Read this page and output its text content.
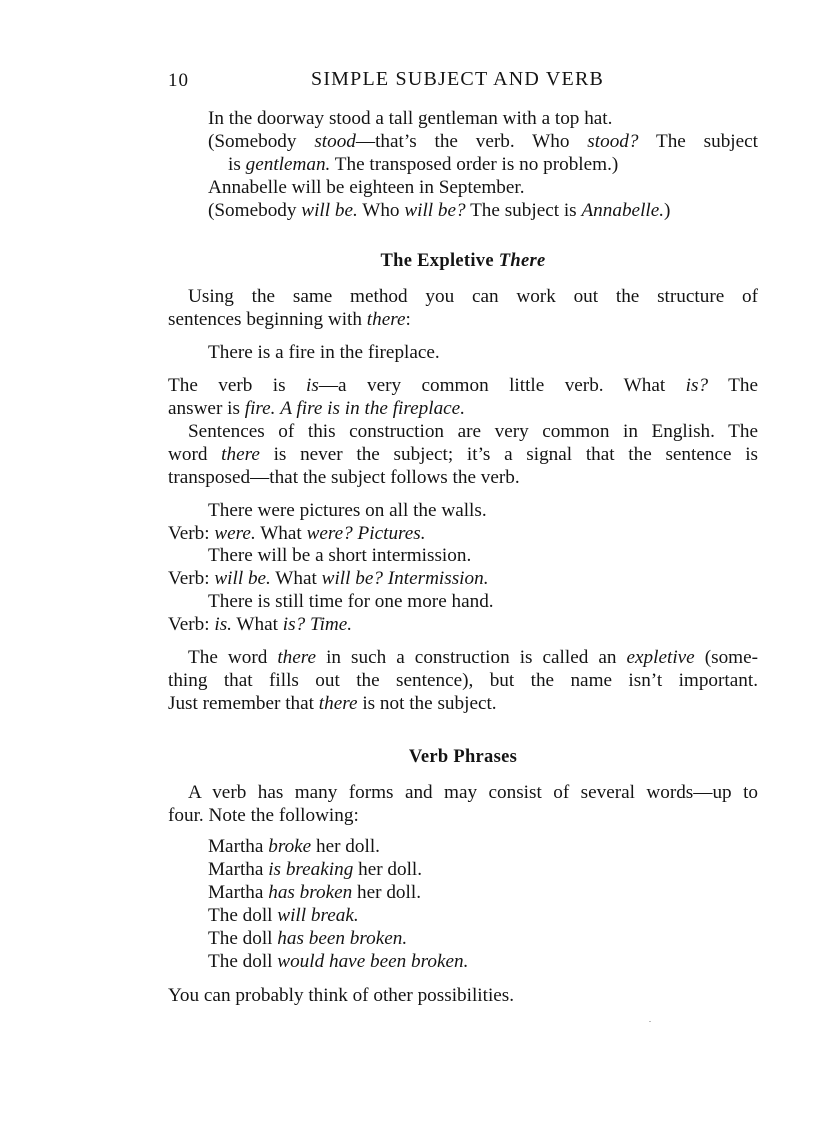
10	SIMPLE SUBJECT AND VERB
In the doorway stood a tall gentleman with a top hat.
(Somebody stood—that’s the verb. Who stood? The subject
is gentleman. The transposed order is no problem.)
Annabelle will be eighteen in September.
(Somebody will be. Who will be? The subject is Annabelle.)
The Expletive There
Using the same method you can work out the structure of
sentences beginning with there:
There is a fire in the fireplace.
The verb is is—a very common little verb. What is? The
answer is fire. A fire is in the fireplace.
Sentences of this construction are very common in English. The
word there is never the subject; it’s a signal that the sentence is
transposed—that the subject follows the verb.
There were pictures on all the walls.
Verb: were. What were? Pictures.
There will be a short intermission.
Verb: will be. What will be? Intermission.
There is still time for one more hand.
Verb: is. What is? Time.
The word there in such a construction is called an expletive (some-
thing that fills out the sentence), but the name isn’t important.
Just remember that there is not the subject.
Verb Phrases
A verb has many forms and may consist of several words—up to
four. Note the following:
Martha broke her doll.
Martha is breaking her doll.
Martha has broken her doll.
The doll will break.
The doll has been broken.
The doll would have been broken.
You can probably think of other possibilities.
